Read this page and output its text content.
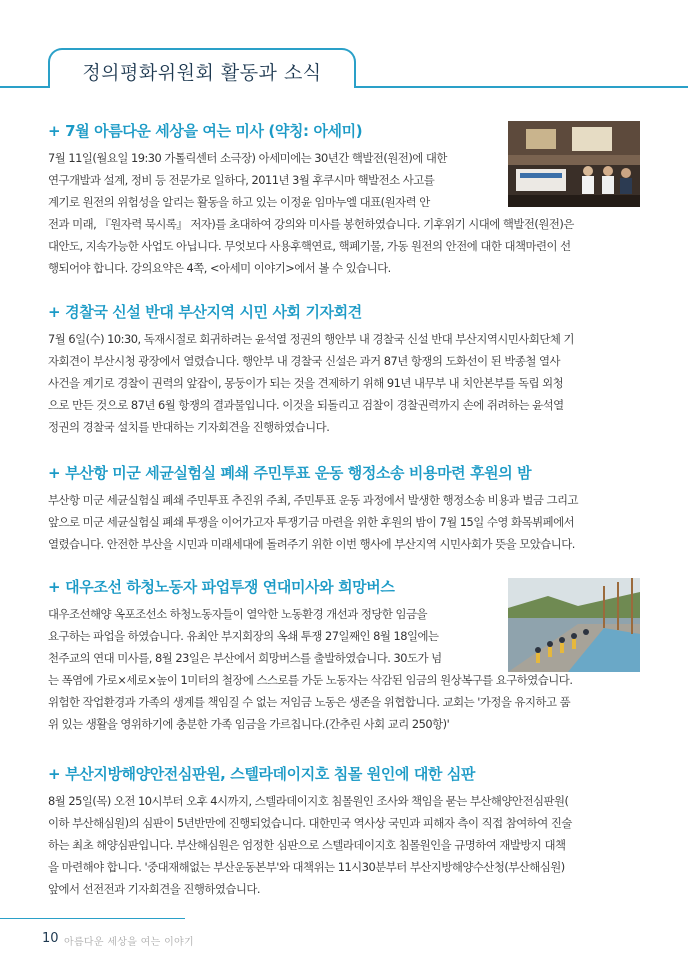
정의평화위원회 활동과 소식
+ 7월 아름다운 세상을 여는 미사 (약칭: 아세미)
7월 11일(월요일 19:30 가톨릭센터 소극장) 아세미에는 30년간 핵발전(원전)에 대한
연구개발과 설계, 정비 등 전문가로 일하다, 2011년 3월 후쿠시마 핵발전소 사고를
계기로 원전의 위험성을 알리는 활동을 하고 있는 이정윤 임마누엘 대표(원자력 안
전과 미래, 『원자력 묵시록』 저자)를 초대하여 강의와 미사를 봉헌하였습니다. 기후위기 시대에 핵발전(원전)은
대안도, 지속가능한 사업도 아닙니다. 무엇보다 사용후핵연료, 핵폐기물, 가동 원전의 안전에 대한 대책마련이 선
행되어야 합니다. 강의요약은 4쪽, <아세미 이야기>에서 볼 수 있습니다.
+ 경찰국 신설 반대 부산지역 시민 사회 기자회견
7월 6일(수) 10:30, 독재시절로 회귀하려는 윤석열 정권의 행안부 내 경찰국 신설 반대 부산지역시민사회단체 기
자회견이 부산시청 광장에서 열렸습니다. 행안부 내 경찰국 신설은 과거 87년 항쟁의 도화선이 된 박종철 열사
사건을 계기로 경찰이 권력의 앞잡이, 몽둥이가 되는 것을 견제하기 위해 91년 내무부 내 치안본부를 독립 외청
으로 만든 것으로 87년 6월 항쟁의 결과물입니다. 이것을 되돌리고 검찰이 경찰권력까지 손에 쥐려하는 윤석열
정권의 경찰국 설치를 반대하는 기자회견을 진행하였습니다.
+ 부산항 미군 세균실험실 폐쇄 주민투표 운동 행정소송 비용마련 후원의 밤
부산항 미군 세균실험실 폐쇄 주민투표 추진위 주최, 주민투표 운동 과정에서 발생한 행정소송 비용과 벌금 그리고
앞으로 미군 세균실험실 폐쇄 투쟁을 이어가고자 투쟁기금 마련을 위한 후원의 밤이 7월 15일 수영 화목뷔페에서
열렸습니다. 안전한 부산을 시민과 미래세대에 돌려주기 위한 이번 행사에 부산지역 시민사회가 뜻을 모았습니다.
+ 대우조선 하청노동자 파업투쟁 연대미사와 희망버스
대우조선해양 옥포조선소 하청노동자들이 열악한 노동환경 개선과 정당한 임금을
요구하는 파업을 하였습니다. 유최안 부지회장의 옥쇄 투쟁 27일째인 8월 18일에는
천주교의 연대 미사를, 8월 23일은 부산에서 희망버스를 출발하였습니다. 30도가 넘
는 폭염에 가로×세로×높이 1미터의 철장에 스스로를 가둔 노동자는 삭감된 임금의 원상복구를 요구하였습니다.
위험한 작업환경과 가족의 생계를 책임질 수 없는 저임금 노동은 생존을 위협합니다. 교회는 '가정을 유지하고 품
위 있는 생활을 영위하기에 충분한 가족 임금을 가르칩니다.(간추린 사회 교리 250항)'
+ 부산지방해양안전심판원, 스텔라데이지호 침몰 원인에 대한 심판
8월 25일(목) 오전 10시부터 오후 4시까지, 스텔라데이지호 침몰원인 조사와 책임을 묻는 부산해양안전심판원(
이하 부산해심원)의 심판이 5년반만에 진행되었습니다. 대한민국 역사상 국민과 피해자 측이 직접 참여하여 진술
하는 최초 해양심판입니다. 부산해심원은 엄정한 심판으로 스텔라데이지호 침몰원인을 규명하여 재발방지 대책
을 마련해야 합니다. '중대재해없는 부산운동본부'와 대책위는 11시30분부터 부산지방해양수산청(부산해심원)
앞에서 선전전과 기자회견을 진행하였습니다.
10 아름다운 세상을 여는 이야기
